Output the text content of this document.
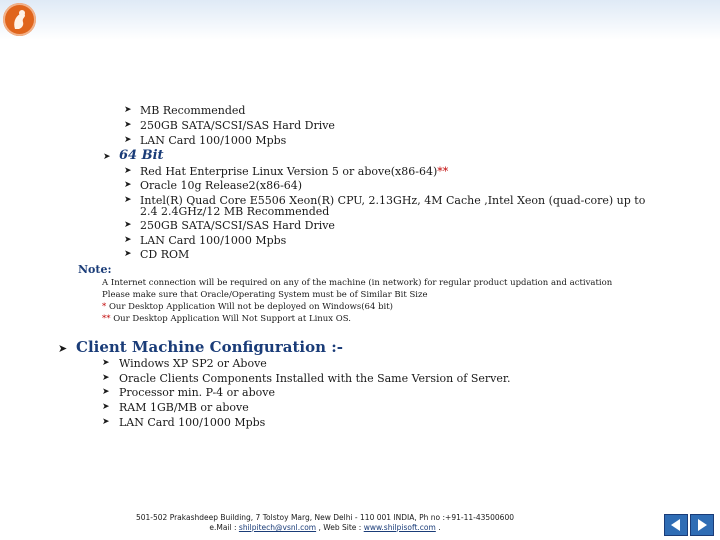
➤ MB Recommended
➤ 250GB SATA/SCSI/SAS Hard Drive
➤ LAN Card 100/1000 Mpbs
➤ 64 Bit
➤ Red Hat Enterprise Linux Version 5 or above(x86-64)**
➤ Oracle 10g Release2(x86-64)
➤ Intel(R) Quad Core E5506 Xeon(R) CPU, 2.13GHz, 4M Cache ,Intel Xeon (quad-core) up to
2.4 2.4GHz/12 MB Recommended
➤ 250GB SATA/SCSI/SAS Hard Drive
➤ LAN Card 100/1000 Mpbs
➤ CD ROM
Note:
A Internet connection will be required on any of the machine (in network) for regular product updation and activation
Please make sure that Oracle/Operating System must be of Similar Bit Size
* Our Desktop Application Will not be deployed on Windows(64 bit)
** Our Desktop Application Will Not Support at Linux OS.
➤ Client Machine Configuration :-
➤ Windows XP SP2 or Above
➤ Oracle Clients Components Installed with the Same Version of Server.
➤ Processor min. P-4 or above
➤ RAM 1GB/MB or above
➤ LAN Card 100/1000 Mpbs
501-502 Prakashdeep Building, 7 Tolstoy Marg, New Delhi - 110 001 INDIA, Ph no :+91-11-43500600
e.Mail : shilpitech@vsnl.com , Web Site : www.shilpisoft.com .
